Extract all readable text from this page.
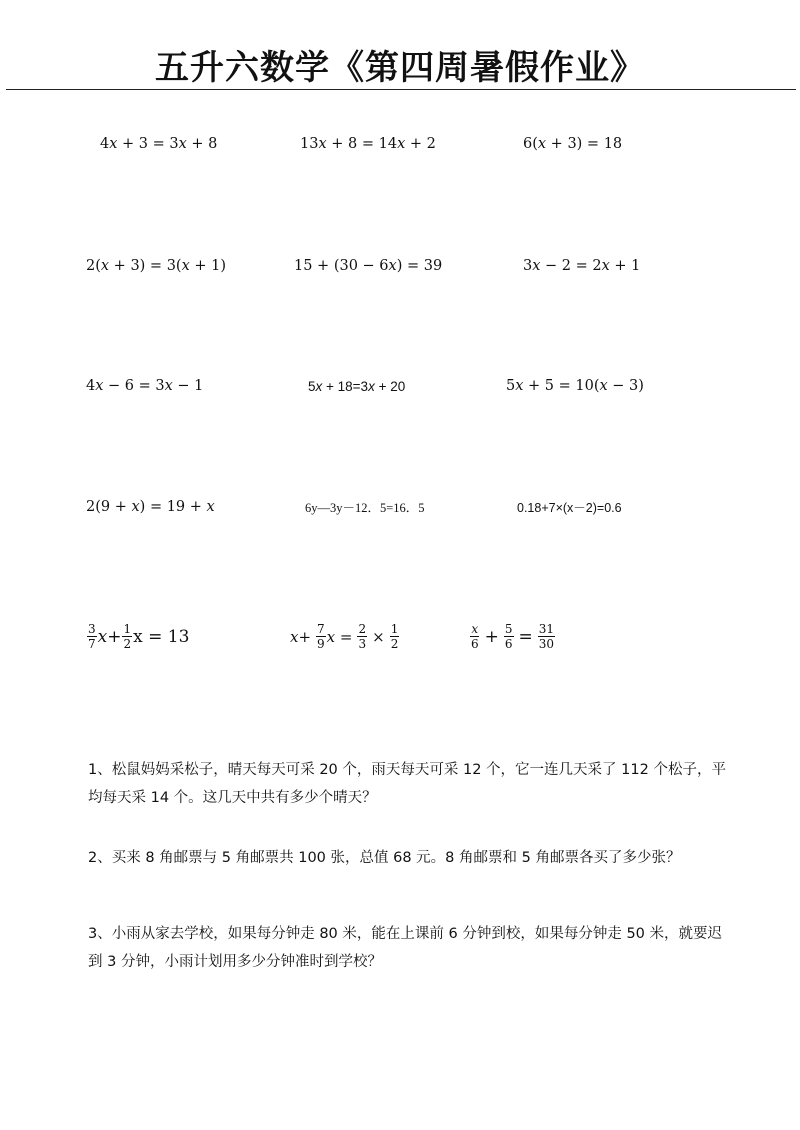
五升六数学《第四周暑假作业》
4x + 3 = 3x + 8	13x + 8 = 14x + 2	6(x + 3) = 18
2(x + 3) = 3(x + 1)	15 + (30 − 6x) = 39	3x − 2 = 2x + 1
4x − 6 = 3x − 1	5x + 18=3x + 20	5x + 5 = 10(x − 3)
2(9 + x) = 19 + x	6y—3y－12．5=16．5	0.18+7×(x－2)=0.6
$\frac{3}{7} x+ \frac{1}{2}$ x = 13	$x+ \frac{7}{9}$ $x = \frac{2}{3} \times \frac{1}{2}$	$\frac{x}{6} + \frac{5}{6} = \frac{31}{30}$
1、松鼠妈妈采松子，晴天每天可采 20 个，雨天每天可采 12 个，它一连几天采了 112 个松子，平均每天采 14 个。这几天中共有多少个晴天？
2、买来 8 角邮票与 5 角邮票共 100 张，总值 68 元。8 角邮票和 5 角邮票各买了多少张？
3、小雨从家去学校，如果每分钟走 80 米，能在上课前 6 分钟到校，如果每分钟走 50 米，就要迟到 3 分钟，小雨计划用多少分钟准时到学校？
